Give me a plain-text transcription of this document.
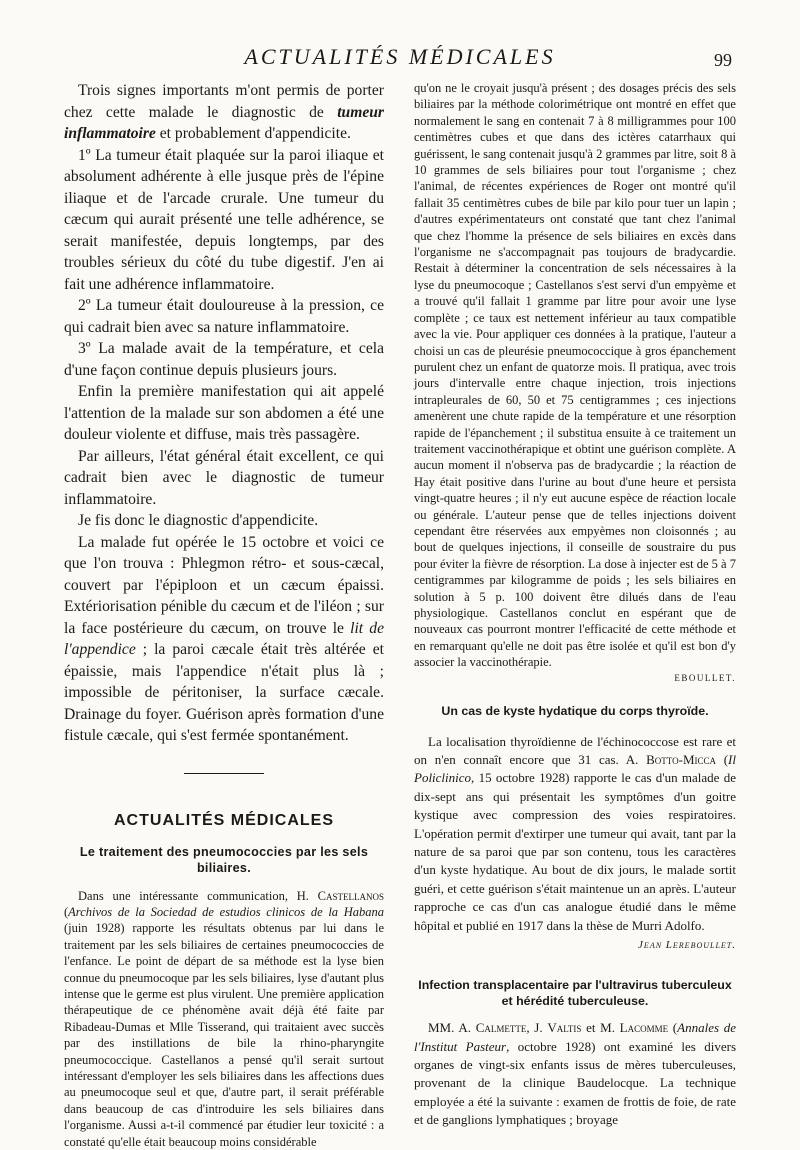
ACTUALITÉS MÉDICALES	99

Trois signes importants m'ont permis de porter chez cette malade le diagnostic de tumeur inflammatoire et probablement d'appendicite.

1º La tumeur était plaquée sur la paroi iliaque et absolument adhérente à elle jusque près de l'épine iliaque et de l'arcade crurale. Une tumeur du cæcum qui aurait présenté une telle adhérence, se serait manifestée, depuis longtemps, par des troubles sérieux du côté du tube digestif. J'en ai fait une adhérence inflammatoire.

2º La tumeur était douloureuse à la pression, ce qui cadrait bien avec sa nature inflammatoire.

3º La malade avait de la température, et cela d'une façon continue depuis plusieurs jours.

Enfin la première manifestation qui ait appelé l'attention de la malade sur son abdomen a été une douleur violente et diffuse, mais très passagère.

Par ailleurs, l'état général était excellent, ce qui cadrait bien avec le diagnostic de tumeur inflammatoire.

Je fis donc le diagnostic d'appendicite.

La malade fut opérée le 15 octobre et voici ce que l'on trouva : Phlegmon rétro- et sous-cæcal, couvert par l'épiploon et un cæcum épaissi. Extériorisation pénible du cæcum et de l'iléon ; sur la face postérieure du cæcum, on trouve le lit de l'appendice ; la paroi cæcale était très altérée et épaissie, mais l'appendice n'était plus là ; impossible de péritoniser, la surface cæcale. Drainage du foyer. Guérison après formation d'une fistule cæcale, qui s'est fermée spontanément.

ACTUALITÉS MÉDICALES
Le traitement des pneumococcies par les sels biliaires.

Dans une intéressante communication, H. Castellanos (Archivos de la Sociedad de estudios clinicos de la Habana (juin 1928) rapporte les résultats obtenus par lui dans le traitement par les sels biliaires de certaines pneumococcies de l'enfance. Le point de départ de sa méthode est la lyse bien connue du pneumocoque par les sels biliaires, lyse d'autant plus intense que le germe est plus virulent. Une première application thérapeutique de ce phénomène avait déjà été faite par Ribadeau-Dumas et Mlle Tisserand, qui traitaient avec succès par des instillations de bile la rhino-pharyngite pneumococcique. Castellanos a pensé qu'il serait surtout intéressant d'employer les sels biliaires dans les affections dues au pneumocoque seul et que, d'autre part, il serait préférable dans beaucoup de cas d'introduire les sels biliaires dans l'organisme. Aussi a-t-il commencé par étudier leur toxicité : a constaté qu'elle était beaucoup moins considérable

qu'on ne le croyait jusqu'à présent ; des dosages précis des sels biliaires par la méthode colorimétrique ont montré en effet que normalement le sang en contenait 7 à 8 milligrammes pour 100 centimètres cubes et que dans des ictères catarrhaux qui guérissent, le sang contenait jusqu'à 2 grammes par litre, soit 8 à 10 grammes de sels biliaires pour tout l'organisme ; chez l'animal, de récentes expériences de Roger ont montré qu'il fallait 35 centimètres cubes de bile par kilo pour tuer un lapin ; d'autres expérimentateurs ont constaté que tant chez l'animal que chez l'homme la présence de sels biliaires en excès dans l'organisme ne s'accompagnait pas toujours de bradycardie. Restait à déterminer la concentration de sels nécessaires à la lyse du pneumocoque ; Castellanos s'est servi d'un empyème et a trouvé qu'il fallait 1 gramme par litre pour avoir une lyse complète ; ce taux est nettement inférieur au taux compatible avec la vie. Pour appliquer ces données à la pratique, l'auteur a choisi un cas de pleurésie pneumococcique à gros épanchement purulent chez un enfant de quatorze mois. Il pratiqua, avec trois jours d'intervalle entre chaque injection, trois injections intrapleurales de 60, 50 et 75 centigrammes ; ces injections amenèrent une chute rapide de la température et une résorption rapide de l'épanchement ; il substitua ensuite à ce traitement un traitement vaccinothérapique et obtint une guérison complète. A aucun moment il n'observa pas de bradycardie ; la réaction de Hay était positive dans l'urine au bout d'une heure et persista vingt-quatre heures ; il n'y eut aucune espèce de réaction locale ou générale. L'auteur pense que de telles injections doivent cependant être réservées aux empyèmes non cloisonnés ; au bout de quelques injections, il conseille de soustraire du pus pour éviter la fièvre de résorption. La dose à injecter est de 5 à 7 centigrammes par kilogramme de poids ; les sels biliaires en solution à 5 p. 100 doivent être dilués dans de l'eau physiologique. Castellanos conclut en espérant que de nouveaux cas pourront montrer l'efficacité de cette méthode et en remarquant qu'elle ne doit pas être isolée et qu'il est bon d'y associer la vaccinothérapie.

EBOULLET.
Un cas de kyste hydatique du corps thyroïde.

La localisation thyroïdienne de l'échinococcose est rare et on n'en connaît encore que 31 cas. A. Botto-Micca (Il Policlinico, 15 octobre 1928) rapporte le cas d'un malade de dix-sept ans qui présentait les symptômes d'un goitre kystique avec compression des voies respiratoires. L'opération permit d'extirper une tumeur qui avait, tant par la nature de sa paroi que par son contenu, tous les caractères d'un kyste hydatique. Au bout de dix jours, le malade sortit guéri, et cette guérison s'était maintenue un an après. L'auteur rapproche ce cas d'un cas analogue étudié dans le même hôpital et publié en 1917 dans la thèse de Murri Adolfo.

Jean Lereboullet.
Infection transplacentaire par l'ultravirus tuberculeux et hérédité tuberculeuse.

MM. A. Calmette, J. Valtis et M. Lacomme (Annales de l'Institut Pasteur, octobre 1928) ont examiné les divers organes de vingt-six enfants issus de mères tuberculeuses, provenant de la clinique Baudelocque. La technique employée a été la suivante : examen de frottis de foie, de rate et de ganglions lymphatiques ; broyage
